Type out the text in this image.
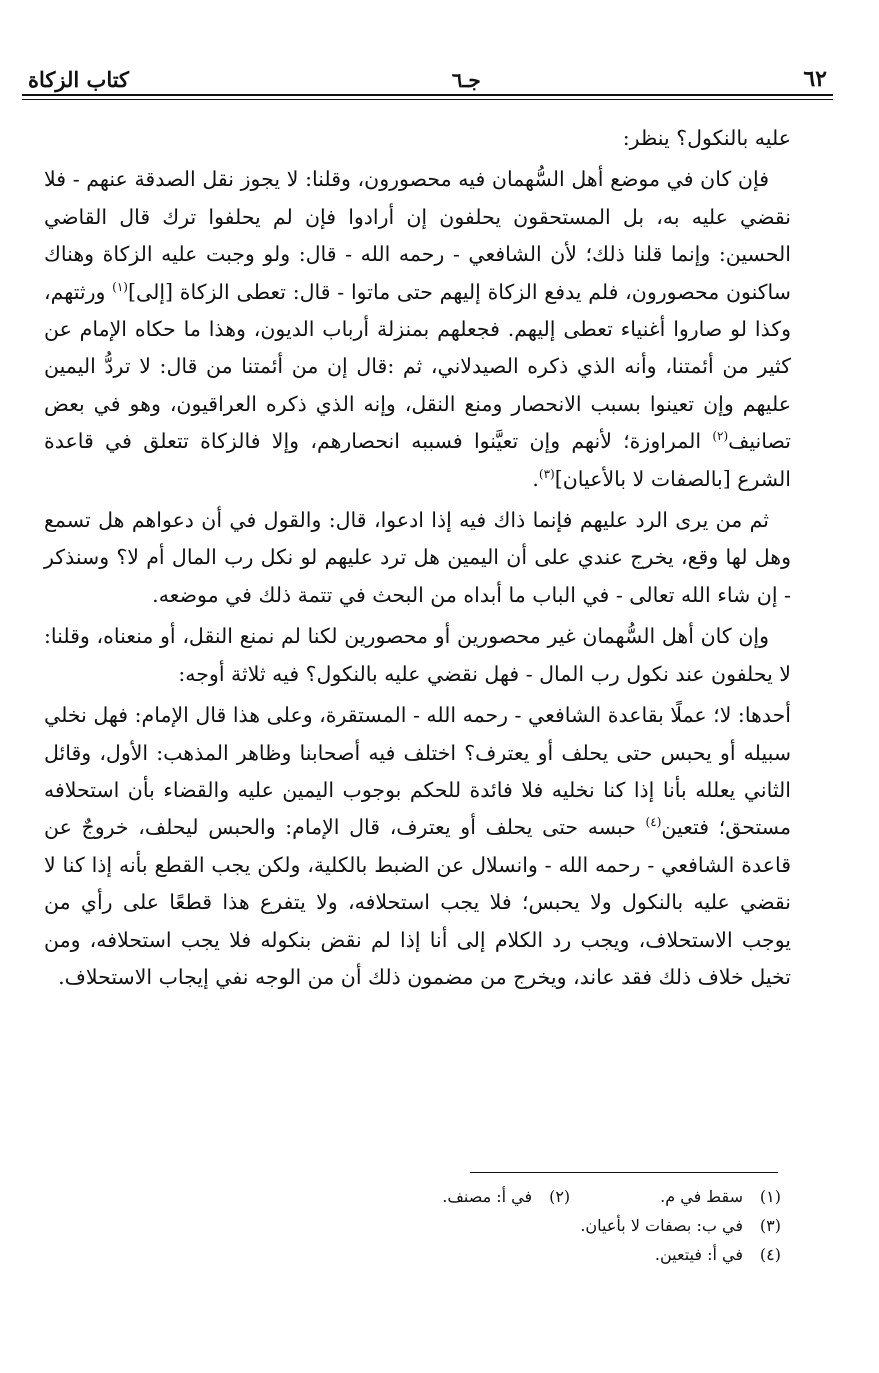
٦٢
جـ٦
كتاب الزكاة

عليه بالنكول؟ ينظر:

فإن كان في موضع أهل السُّهمان فيه محصورون، وقلنا: لا يجوز نقل الصدقة عنهم - فلا نقضي عليه به، بل المستحقون يحلفون إن أرادوا فإن لم يحلفوا ترك قال القاضي الحسين: وإنما قلنا ذلك؛ لأن الشافعي - رحمه الله - قال: ولو وجبت عليه الزكاة وهناك ساكنون محصورون، فلم يدفع الزكاة إليهم حتى ماتوا - قال: تعطى الزكاة [إلى]$^{(١)}$ ورثتهم، وكذا لو صاروا أغنياء تعطى إليهم. فجعلهم بمنزلة أرباب الديون، وهذا ما حكاه الإمام عن كثير من أئمتنا، وأنه الذي ذكره الصيدلاني، ثم :قال إن من أئمتنا من قال: لا تردُّ اليمين عليهم وإن تعينوا بسبب الانحصار ومنع النقل، وإنه الذي ذكره العراقيون، وهو في بعض تصانيف$^{(٢)}$ المراوزة؛ لأنهم وإن تعيَّنوا فسببه انحصارهم، وإلا فالزكاة تتعلق في قاعدة الشرع [بالصفات لا بالأعيان]$^{(٣)}$.

ثم من يرى الرد عليهم فإنما ذاك فيه إذا ادعوا، قال: والقول في أن دعواهم هل تسمع وهل لها وقع، يخرج عندي على أن اليمين هل ترد عليهم لو نكل رب المال أم لا؟ وسنذكر - إن شاء الله تعالى - في الباب ما أبداه من البحث في تتمة ذلك في موضعه.

وإن كان أهل السُّهمان غير محصورين أو محصورين لكنا لم نمنع النقل، أو منعناه، وقلنا: لا يحلفون عند نكول رب المال - فهل نقضي عليه بالنكول؟ فيه ثلاثة أوجه:

أحدها: لا؛ عملًا بقاعدة الشافعي - رحمه الله - المستقرة، وعلى هذا قال الإمام: فهل نخلي سبيله أو يحبس حتى يحلف أو يعترف؟ اختلف فيه أصحابنا وظاهر المذهب: الأول، وقائل الثاني يعلله بأنا إذا كنا نخليه فلا فائدة للحكم بوجوب اليمين عليه والقضاء بأن استحلافه مستحق؛ فتعين$^{(٤)}$ حبسه حتى يحلف أو يعترف، قال الإمام: والحبس ليحلف، خروجٌ عن قاعدة الشافعي - رحمه الله - وانسلال عن الضبط بالكلية، ولكن يجب القطع بأنه إذا كنا لا نقضي عليه بالنكول ولا يحبس؛ فلا يجب استحلافه، ولا يتفرع هذا قطعًا على رأي من يوجب الاستحلاف، ويجب رد الكلام إلى أنا إذا لم نقض بنكوله فلا يجب استحلافه، ومن تخيل خلاف ذلك فقد عاند، ويخرج من مضمون ذلك أن من الوجه نفي إيجاب الاستحلاف.

(١)سقط في م.
(٢)في أ: مصنف.
(٣)في ب: بصفات لا بأعيان.
(٤)في أ: فيتعين.
